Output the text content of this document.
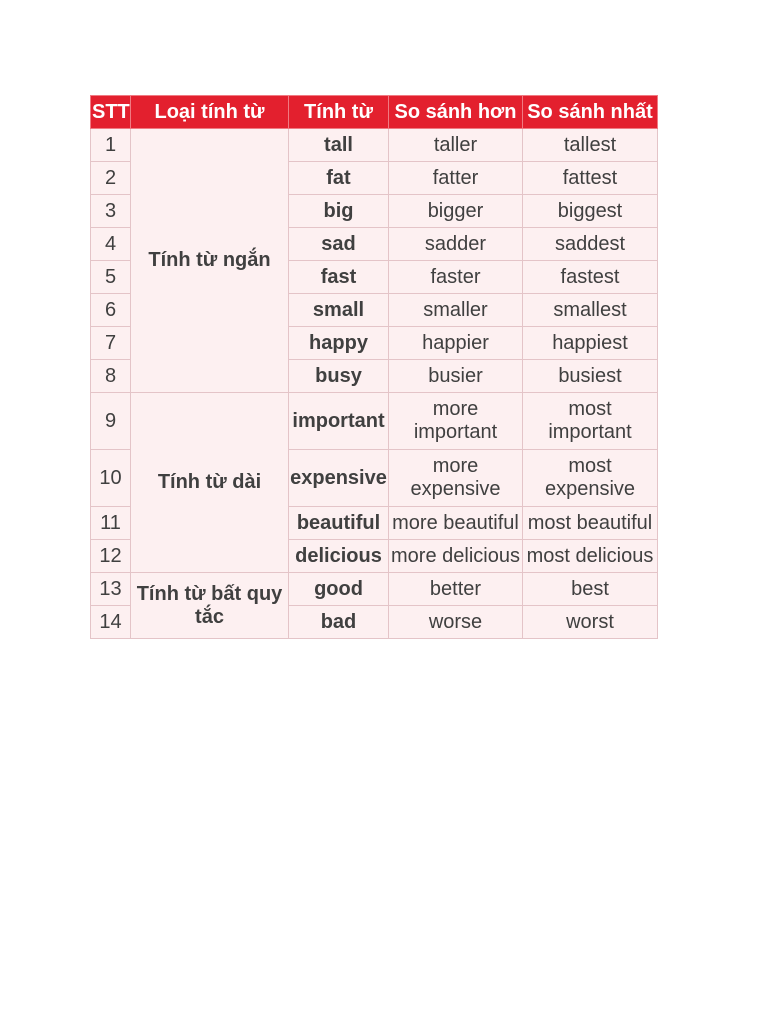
STT	Loại tính từ	Tính từ	So sánh hơn	So sánh nhất
1	Tính từ ngắn	tall	taller	tallest
2		fat	fatter	fattest
3		big	bigger	biggest
4		sad	sadder	saddest
5		fast	faster	fastest
6		small	smaller	smallest
7		happy	happier	happiest
8		busy	busier	busiest
9	Tính từ dài	important	more important	most important
10		expensive	more expensive	most expensive
11		beautiful	more beautiful	most beautiful
12		delicious	more delicious	most delicious
13	Tính từ bất quy tắc	good	better	best
14		bad	worse	worst
